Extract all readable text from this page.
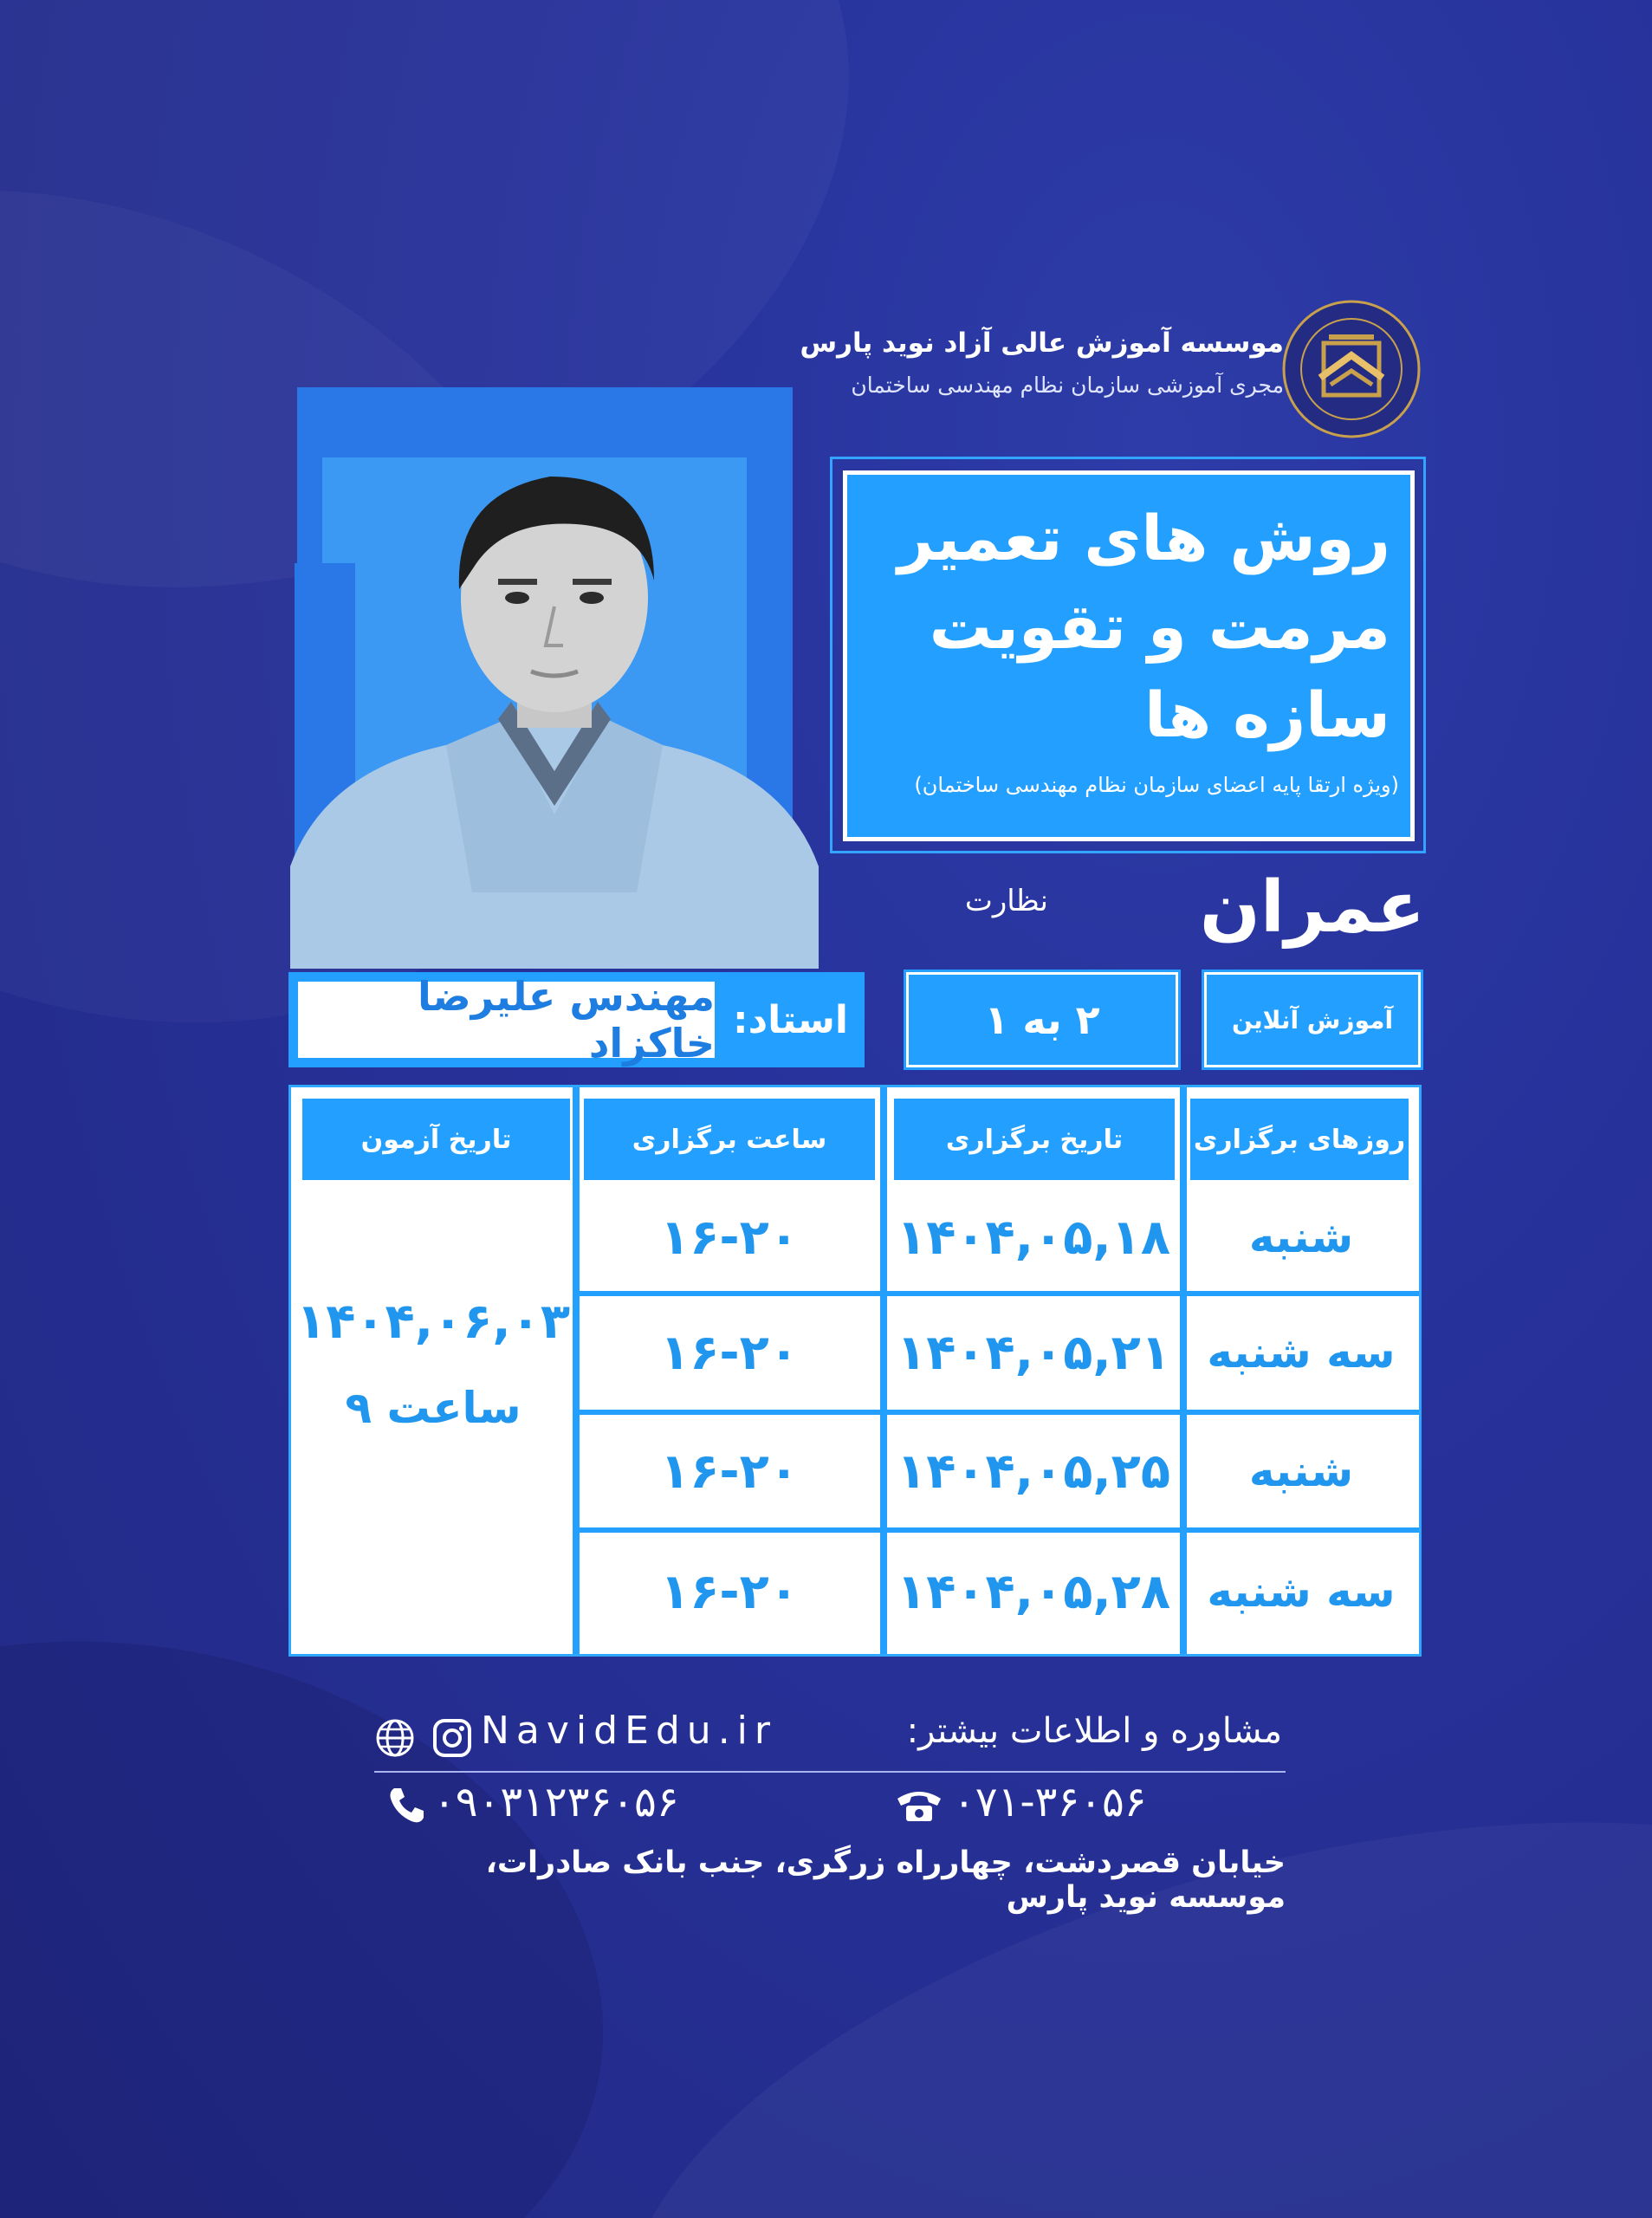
موسسه آموزش عالی آزاد نوید پارس
مجری آموزشی سازمان نظام مهندسی ساختمان
روش های تعمیر
مرمت و تقویت
سازه ها
(ویژه ارتقا پایه اعضای سازمان نظام مهندسی ساختمان)
عمران
نظارت
آموزش آنلاین
۲ به ۱
استاد:
مهندس علیرضا خاکزاد
روزهای برگزاری
تاریخ برگزاری
ساعت برگزاری
تاریخ آزمون
شنبه
۱۴۰۴,۰۵,۱۸
۱۶-۲۰
سه شنبه
۱۴۰۴,۰۵,۲۱
۱۶-۲۰
شنبه
۱۴۰۴,۰۵,۲۵
۱۶-۲۰
سه شنبه
۱۴۰۴,۰۵,۲۸
۱۶-۲۰
۱۴۰۴,۰۶,۰۳
ساعت ۹
مشاوره و اطلاعات بیشتر:
NavidEdu.ir
۰۷۱-۳۶۰۵۶
۰۹۰۳۱۲۳۶۰۵۶
خیابان قصردشت، چهارراه زرگری، جنب بانک صادرات، موسسه نوید پارس
